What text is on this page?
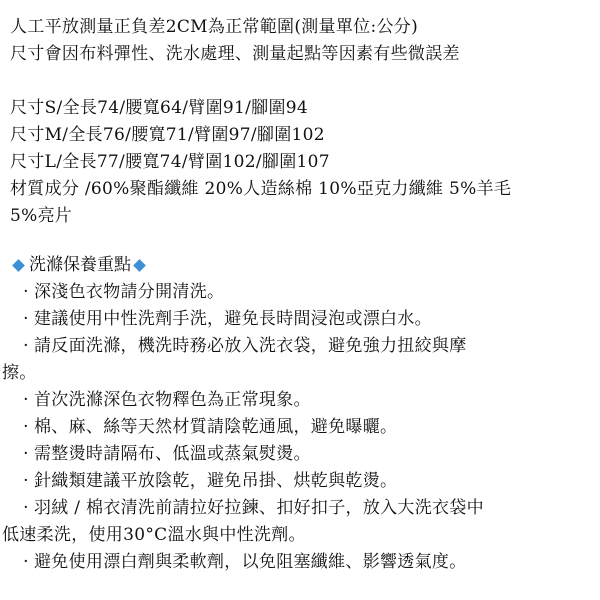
人工平放測量正負差2CM為正常範圍(測量單位:公分)
尺寸會因布料彈性、洗水處理、測量起點等因素有些微誤差
尺寸S/全長74/腰寬64/臂圍91/腳圍94
尺寸M/全長76/腰寬71/臂圍97/腳圍102
尺寸L/全長77/腰寬74/臂圍102/腳圍107
材質成分 /60%聚酯纖維 20%人造絲棉 10%亞克力纖維 5%羊毛
5%亮片
洗滌保養重點
· 深淺色衣物請分開清洗。
· 建議使用中性洗劑手洗，避免長時間浸泡或漂白水。
· 請反面洗滌，機洗時務必放入洗衣袋，避免強力扭絞與摩
擦。
· 首次洗滌深色衣物釋色為正常現象。
· 棉、麻、絲等天然材質請陰乾通風，避免曝曬。
· 需整燙時請隔布、低溫或蒸氣熨燙。
· 針織類建議平放陰乾，避免吊掛、烘乾與乾燙。
· 羽絨 / 棉衣清洗前請拉好拉鍊、扣好扣子，放入大洗衣袋中
低速柔洗，使用30°C溫水與中性洗劑。
· 避免使用漂白劑與柔軟劑，以免阻塞纖維、影響透氣度。
